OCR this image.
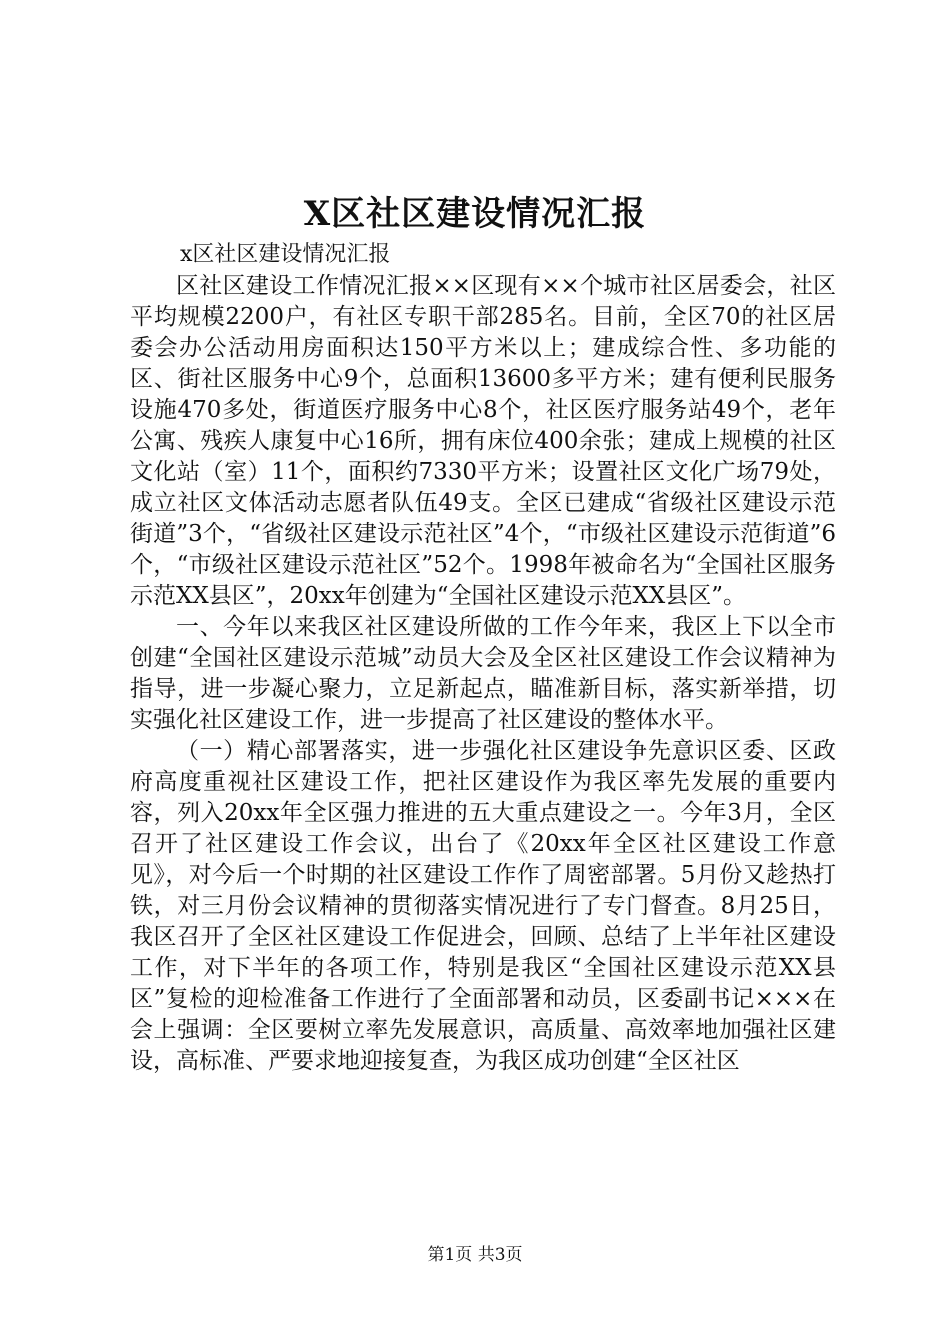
X区社区建设情况汇报

x区社区建设情况汇报

区社区建设工作情况汇报××区现有××个城市社区居委会，社区平均规模2200户，有社区专职干部285名。目前，全区70的社区居委会办公活动用房面积达150平方米以上；建成综合性、多功能的区、街社区服务中心9个，总面积13600多平方米；建有便利民服务设施470多处，街道医疗服务中心8个，社区医疗服务站49个，老年公寓、残疾人康复中心16所，拥有床位400余张；建成上规模的社区文化站（室）11个，面积约7330平方米；设置社区文化广场79处，成立社区文体活动志愿者队伍49支。全区已建成“省级社区建设示范街道”3个，“省级社区建设示范社区”4个，“市级社区建设示范街道”6个，“市级社区建设示范社区”52个。1998年被命名为“全国社区服务示范XX县区”，20xx年创建为“全国社区建设示范XX县区”。

一、今年以来我区社区建设所做的工作今年来，我区上下以全市创建“全国社区建设示范城”动员大会及全区社区建设工作会议精神为指导，进一步凝心聚力，立足新起点，瞄准新目标，落实新举措，切实强化社区建设工作，进一步提高了社区建设的整体水平。

（一）精心部署落实，进一步强化社区建设争先意识区委、区政府高度重视社区建设工作，把社区建设作为我区率先发展的重要内容，列入20xx年全区强力推进的五大重点建设之一。今年3月，全区召开了社区建设工作会议，出台了《20xx年全区社区建设工作意见》，对今后一个时期的社区建设工作作了周密部署。5月份又趁热打铁，对三月份会议精神的贯彻落实情况进行了专门督查。8月25日，我区召开了全区社区建设工作促进会，回顾、总结了上半年社区建设工作，对下半年的各项工作，特别是我区“全国社区建设示范XX县区”复检的迎检准备工作进行了全面部署和动员，区委副书记×××在会上强调：全区要树立率先发展意识，高质量、高效率地加强社区建设，高标准、严要求地迎接复查，为我区成功创建“全区社区

第1页 共3页
